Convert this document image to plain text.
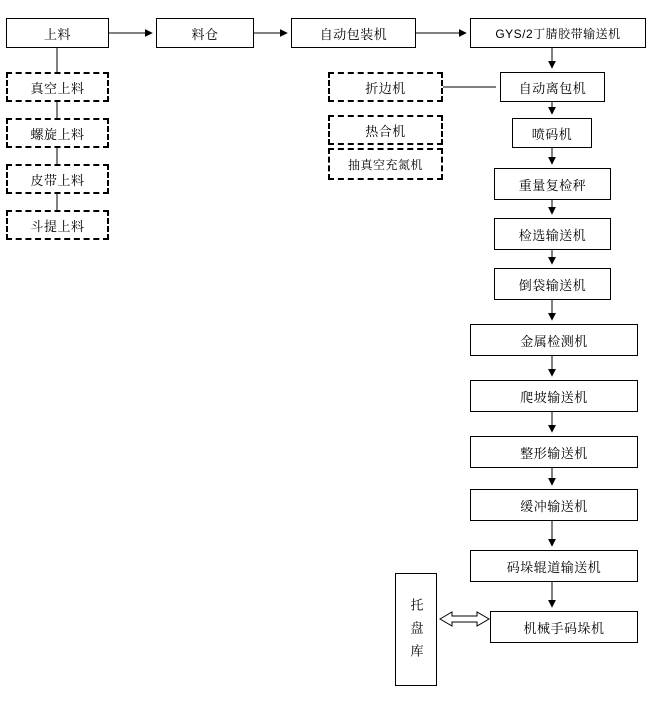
上料	料仓	自动包装机	GYS/2丁腈胶带输送机
真空上料
螺旋上料
皮带上料
斗提上料
折边机
热合机
抽真空充氮机
自动离包机
喷码机
重量复检秤
检选输送机
倒袋输送机
金属检测机
爬坡输送机
整形输送机
缓冲输送机
码垛辊道输送机
机械手码垛机
托盘库
